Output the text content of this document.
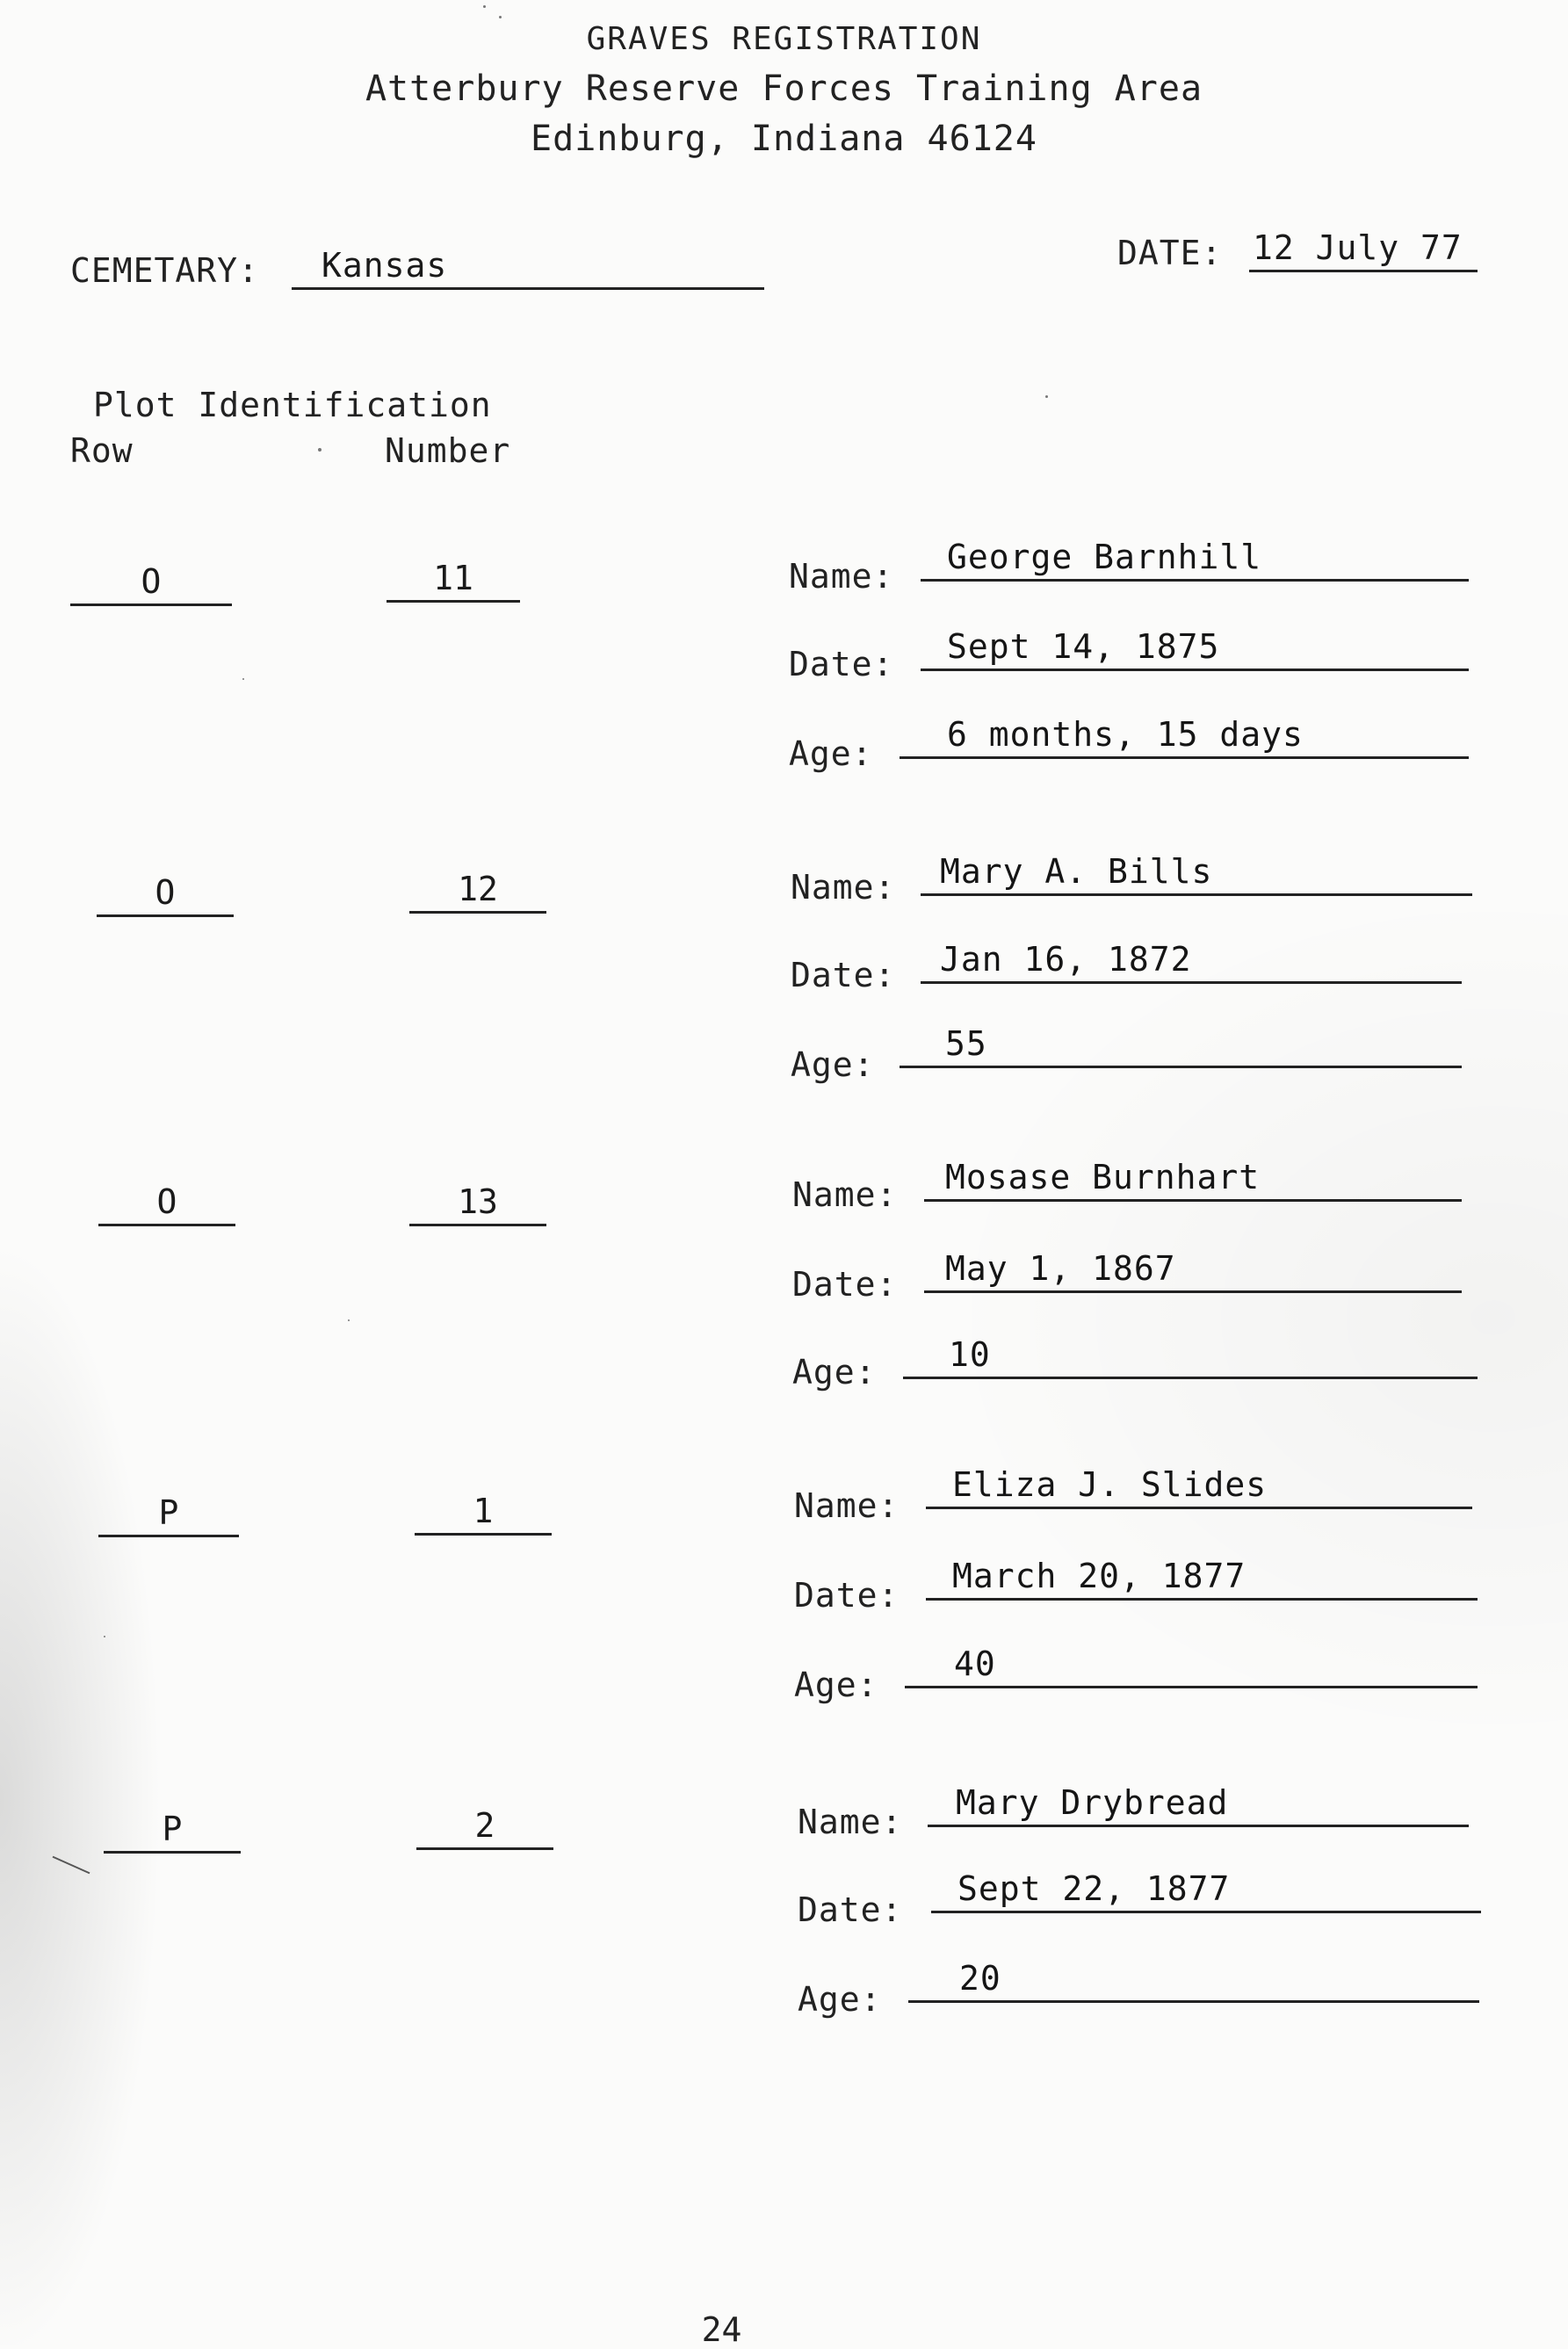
GRAVES REGISTRATION
Atterbury Reserve Forces Training Area
Edinburg, Indiana 46124
CEMETARY:	Kansas	DATE: 12 July 77
Plot Identification
Row	Number
O	11	Name:	George Barnhill
Date:	Sept 14, 1875
Age:	6 months, 15 days
O	12	Name:	Mary A. Bills
Date:	Jan 16, 1872
Age:
55
O	13	Name:	Mosase Burnhart
Date:	May 1, 1867
Age:	10
P	1	Name:
Eliza J. Slides
Date:	March 20, 1877
Age:
40
P	2	Name:	Mary Drybread
Date:
Sept 22, 1877
Age:
20
24
